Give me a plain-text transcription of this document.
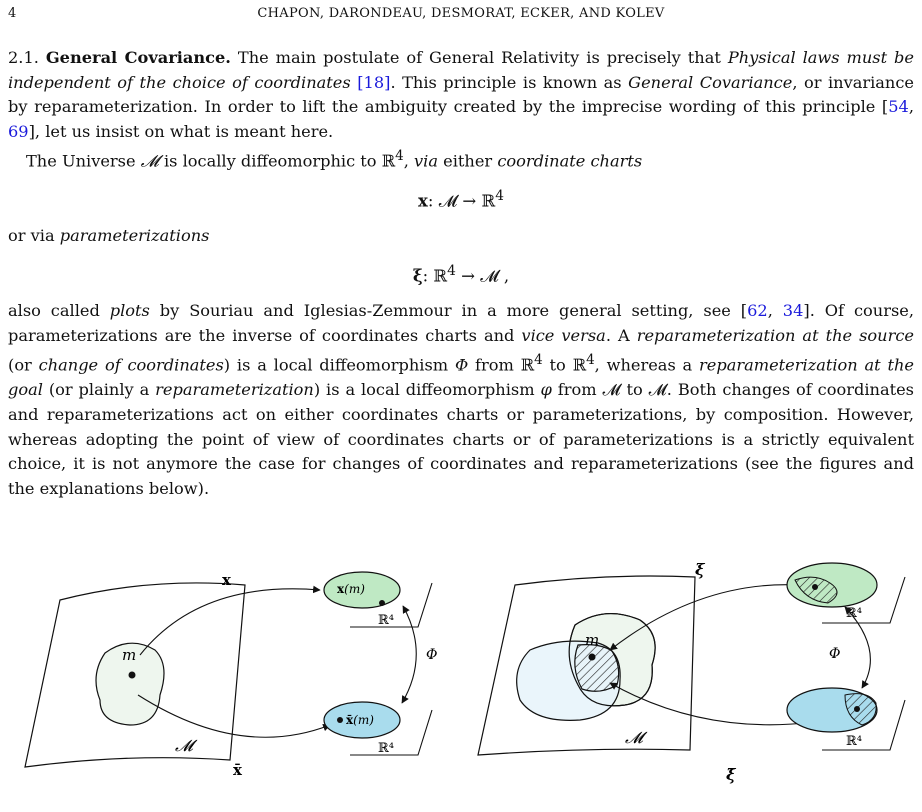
4	CHAPON, DARONDEAU, DESMORAT, ECKER, AND KOLEV

2.1. General Covariance. The main postulate of General Relativity is precisely that Physical laws must be independent of the choice of coordinates [18]. This principle is known as General Covariance, or invariance by reparameterization. In order to lift the ambiguity created by the imprecise wording of this principle [54, 69], let us insist on what is meant here.

The Universe 𝓜 is locally diffeomorphic to ℝ$^4$, via either coordinate charts

x: 𝓜 → ℝ$^4$

or via parameterizations

ξ: ℝ$^4$ → 𝓜 ,

also called plots by Souriau and Iglesias-Zemmour in a more general setting, see [62, 34]. Of course, parameterizations are the inverse of coordinates charts and vice versa. A reparameterization at the source (or change of coordinates) is a local diffeomorphism Φ from ℝ$^4$ to ℝ$^4$, whereas a reparameterization at the goal (or plainly a reparameterization) is a local diffeomorphism φ from 𝓜 to 𝓜. Both changes of coordinates and reparameterizations act on either coordinates charts or parameterizations, by composition. However, whereas adopting the point of view of coordinates charts or of parameterizations is a strictly equivalent choice, it is not anymore the case for changes of coordinates and reparameterizations (see the figures and the explanations below).

m
𝓜
x
x̄
x(m)
ℝ⁴
x̄(m)
ℝ⁴
Φ
m
𝓜
ξ
ξ̄
ℝ⁴
ℝ⁴
Φ
